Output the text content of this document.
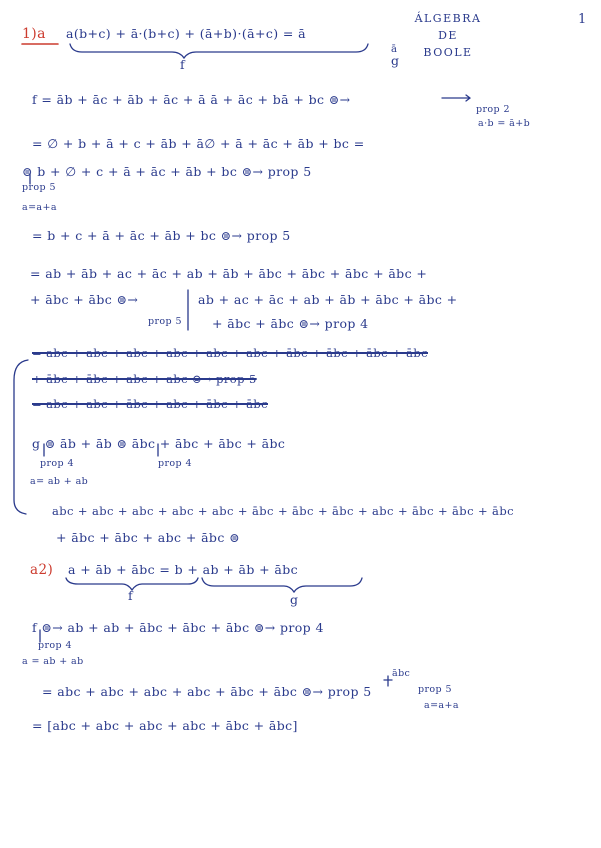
1
ÁLGEBRA
DE
BOOLE
1)a a(b+c) + ā·(b+c) + (ā+b)·(ā+c) = ā
ā
f	g
f = āb + āc + āb + āc + ā ā + āc + bā + bc ⊜→
prop 2
a·b = ā+b
= ∅ + b + ā + c + āb + ā∅ + ā + āc + āb + bc =
⊜ b + ∅ + c + ā + āc + āb + bc ⊜→ prop 5
prop 5
a=a+a
= b + c + ā + āc + āb + bc ⊜→ prop 5
= ab + āb + ac + āc + ab + āb + ābc + ābc + ābc + ābc +
+ ābc + ābc ⊜→
prop 5
ab + ac + āc + ab + āb + ābc + ābc +
+ ābc + ābc ⊜→ prop 4
= abc + abc + abc + abc + abc + abc + ābc + ābc + ābc + ābc
+ ābc + ābc + abc + abc ⊜→ prop 5
= abc + abc + ābc + abc + ābc + ābc
g ⊜ āb + āb ⊜ ābc + ābc + ābc + ābc
prop 4
a= ab + ab
prop 4
abc + abc + abc + abc + abc + ābc + ābc + ābc + abc + ābc + ābc + ābc
+ ābc + ābc + abc + ābc ⊜
a2) a + āb + ābc = b + ab + āb + ābc
f	g
f ⊜→ ab + ab + ābc + ābc + ābc ⊜→ prop 4
prop 4
a = ab + ab
ābc
= abc + abc + abc + abc + ābc + ābc ⊜→ prop 5	prop 5
a=a+a
= [abc + abc + abc + abc + ābc + ābc]
